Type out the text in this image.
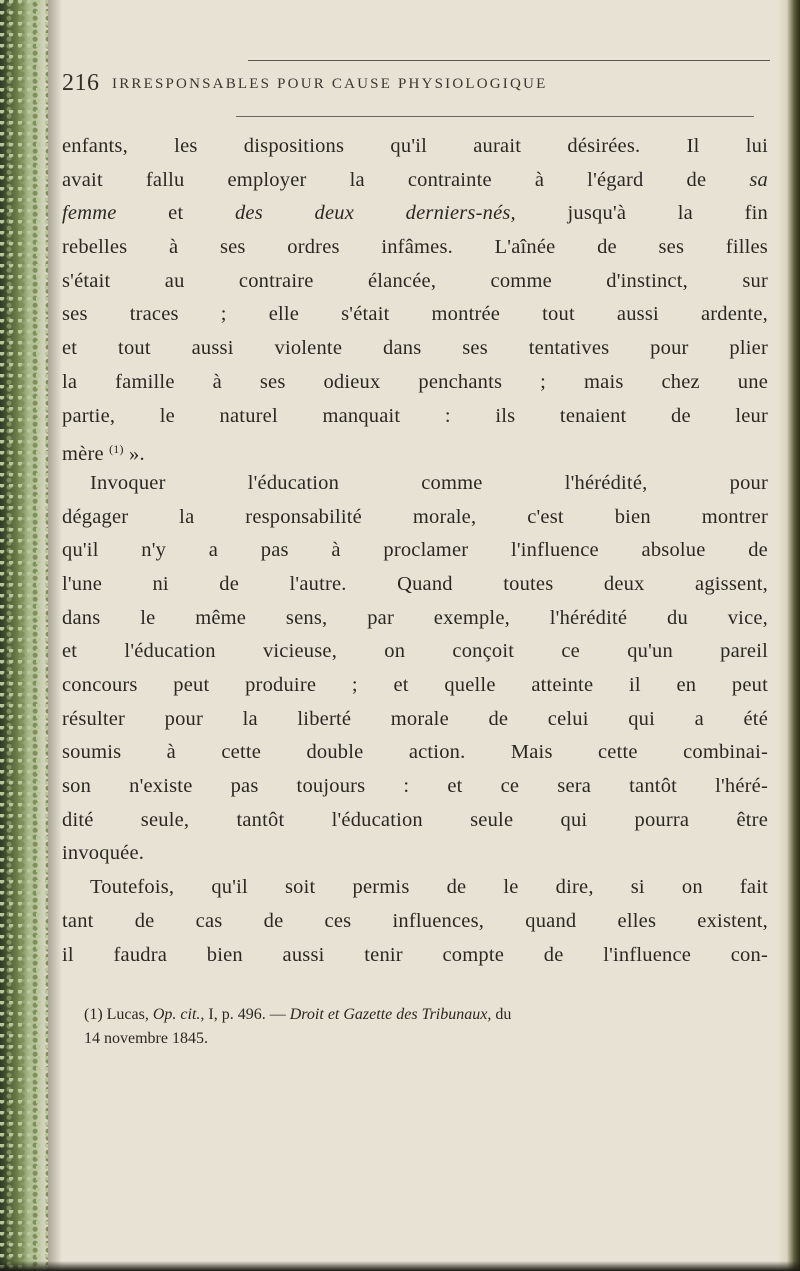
216 IRRESPONSABLES POUR CAUSE PHYSIOLOGIQUE
enfants, les dispositions qu'il aurait désirées. Il lui
avait fallu employer la contrainte à l'égard de sa
femme et des deux derniers-nés, jusqu'à la fin
rebelles à ses ordres infâmes. L'aînée de ses filles
s'était au contraire élancée, comme d'instinct, sur
ses traces ; elle s'était montrée tout aussi ardente,
et tout aussi violente dans ses tentatives pour plier
la famille à ses odieux penchants ; mais chez une
partie, le naturel manquait : ils tenaient de leur
mère $^{(1)}$ ».
Invoquer l'éducation comme l'hérédité, pour
dégager la responsabilité morale, c'est bien montrer
qu'il n'y a pas à proclamer l'influence absolue de
l'une ni de l'autre. Quand toutes deux agissent,
dans le même sens, par exemple, l'hérédité du vice,
et l'éducation vicieuse, on conçoit ce qu'un pareil
concours peut produire ; et quelle atteinte il en peut
résulter pour la liberté morale de celui qui a été
soumis à cette double action. Mais cette combinai-
son n'existe pas toujours : et ce sera tantôt l'héré-
dité seule, tantôt l'éducation seule qui pourra être
invoquée.
Toutefois, qu'il soit permis de le dire, si on fait
tant de cas de ces influences, quand elles existent,
il faudra bien aussi tenir compte de l'influence con-
(1) Lucas, Op. cit., I, p. 496. — Droit et Gazette des Tribunaux, du
14 novembre 1845.
